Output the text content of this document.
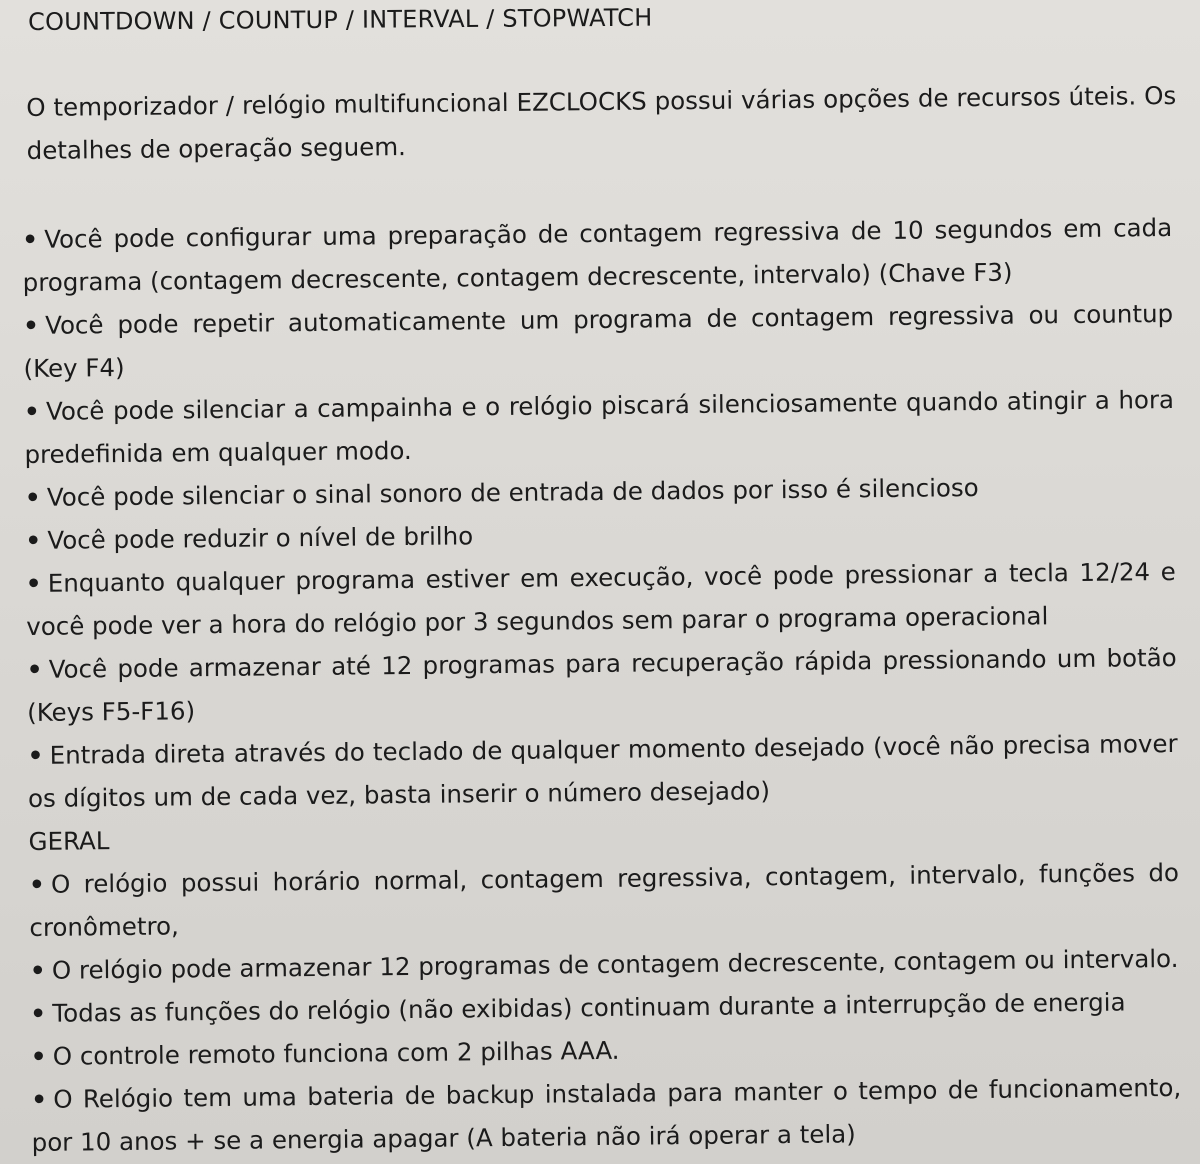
COUNTDOWN / COUNTUP / INTERVAL / STOPWATCH

O temporizador / relógio multifuncional EZCLOCKS possui várias opções de recursos úteis. Os detalhes de operação seguem.

• Você pode configurar uma preparação de contagem regressiva de 10 segundos em cada programa (contagem decrescente, contagem decrescente, intervalo) (Chave F3)

• Você pode repetir automaticamente um programa de contagem regressiva ou countup (Key F4)

• Você pode silenciar a campainha e o relógio piscará silenciosamente quando atingir a hora predefinida em qualquer modo.

• Você pode silenciar o sinal sonoro de entrada de dados por isso é silencioso

• Você pode reduzir o nível de brilho

• Enquanto qualquer programa estiver em execução, você pode pressionar a tecla 12/24 e você pode ver a hora do relógio por 3 segundos sem parar o programa operacional

• Você pode armazenar até 12 programas para recuperação rápida pressionando um botão (Keys F5-F16)

• Entrada direta através do teclado de qualquer momento desejado (você não precisa mover os dígitos um de cada vez, basta inserir o número desejado)

GERAL

• O relógio possui horário normal, contagem regressiva, contagem, intervalo, funções do cronômetro,

• O relógio pode armazenar 12 programas de contagem decrescente, contagem ou intervalo.

• Todas as funções do relógio (não exibidas) continuam durante a interrupção de energia

• O controle remoto funciona com 2 pilhas AAA.

• O Relógio tem uma bateria de backup instalada para manter o tempo de funcionamento, por 10 anos + se a energia apagar (A bateria não irá operar a tela)
